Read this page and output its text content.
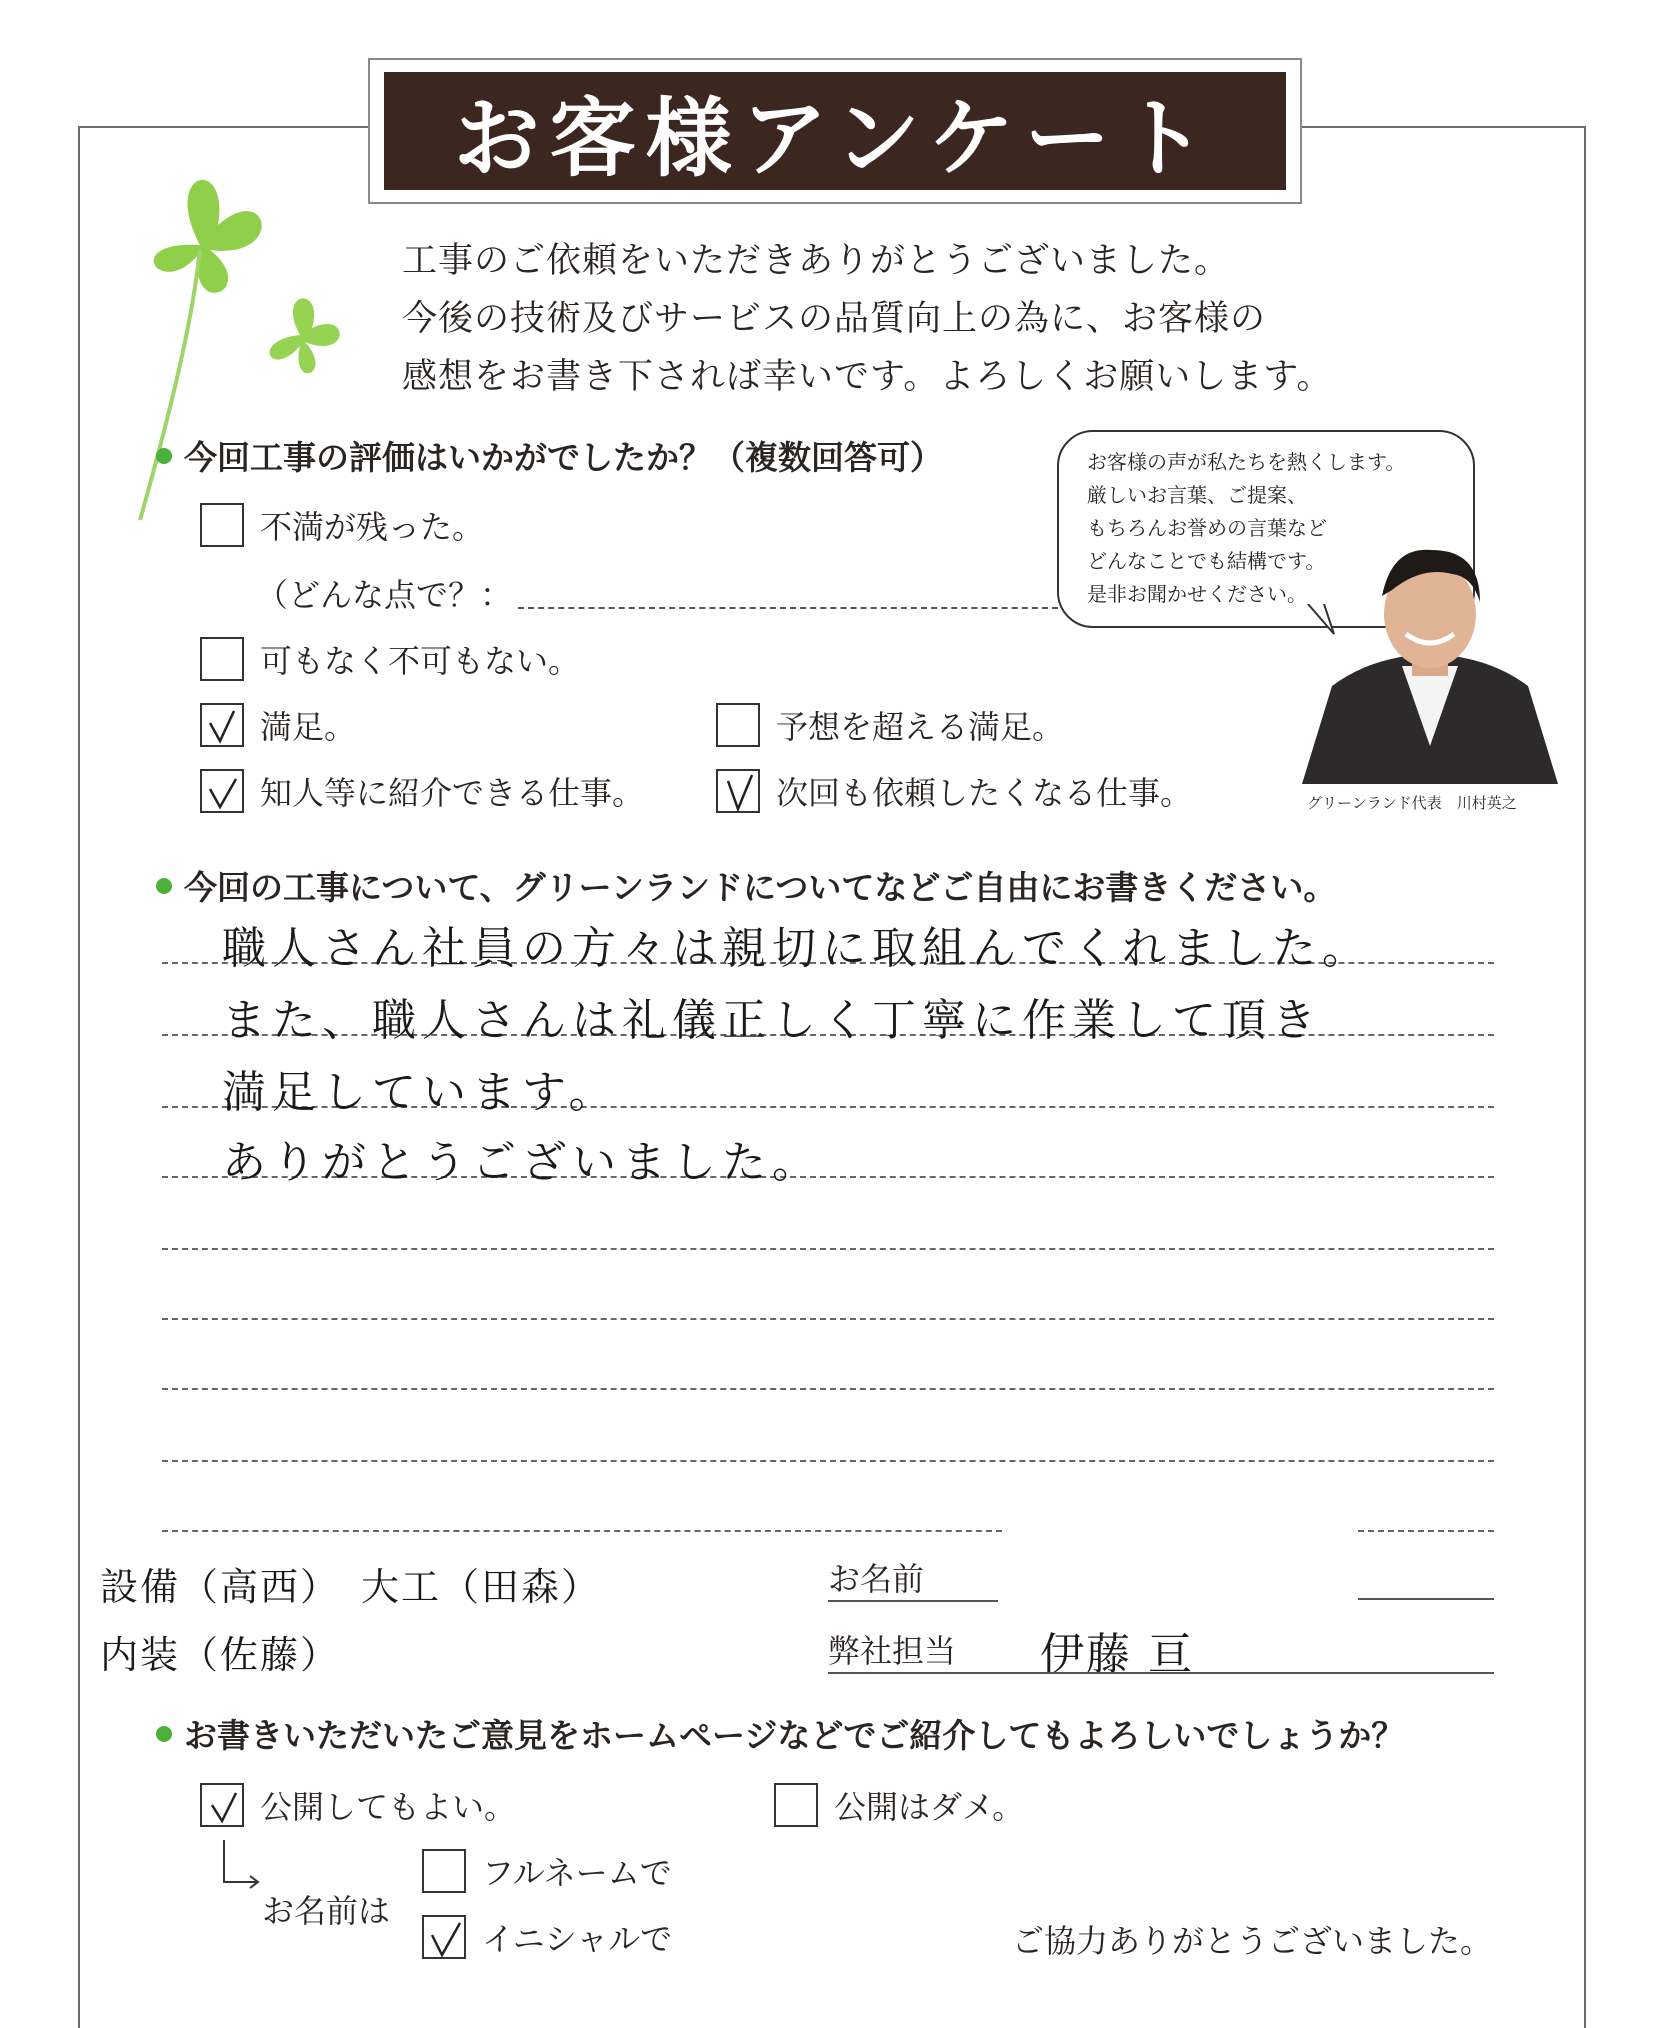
お客様アンケート
工事のご依頼をいただきありがとうございました。
今後の技術及びサービスの品質向上の為に、お客様の
感想をお書き下されば幸いです。よろしくお願いします。
今回工事の評価はいかがでしたか？（複数回答可）
不満が残った。
（どんな点で？：
可もなく不可もない。
満足。	予想を超える満足。
知人等に紹介できる仕事。	次回も依頼したくなる仕事。
お客様の声が私たちを熱くします。
厳しいお言葉、ご提案、
もちろんお誉めの言葉など
どんなことでも結構です。
是非お聞かせください。
グリーンランド代表　川村英之
今回の工事について、グリーンランドについてなどご自由にお書きください。
職人さん社員の方々は親切に取組んでくれました。
また、職人さんは礼儀正しく丁寧に作業して頂き
満足しています。
ありがとうございました。
設備（高西）　大工（田森）
内装（佐藤）
お名前
弊社担当 伊藤 亘
お書きいただいたご意見をホームページなどでご紹介してもよろしいでしょうか？
公開してもよい。	公開はダメ。
お名前は
フルネームで
イニシャルで	ご協力ありがとうございました。
